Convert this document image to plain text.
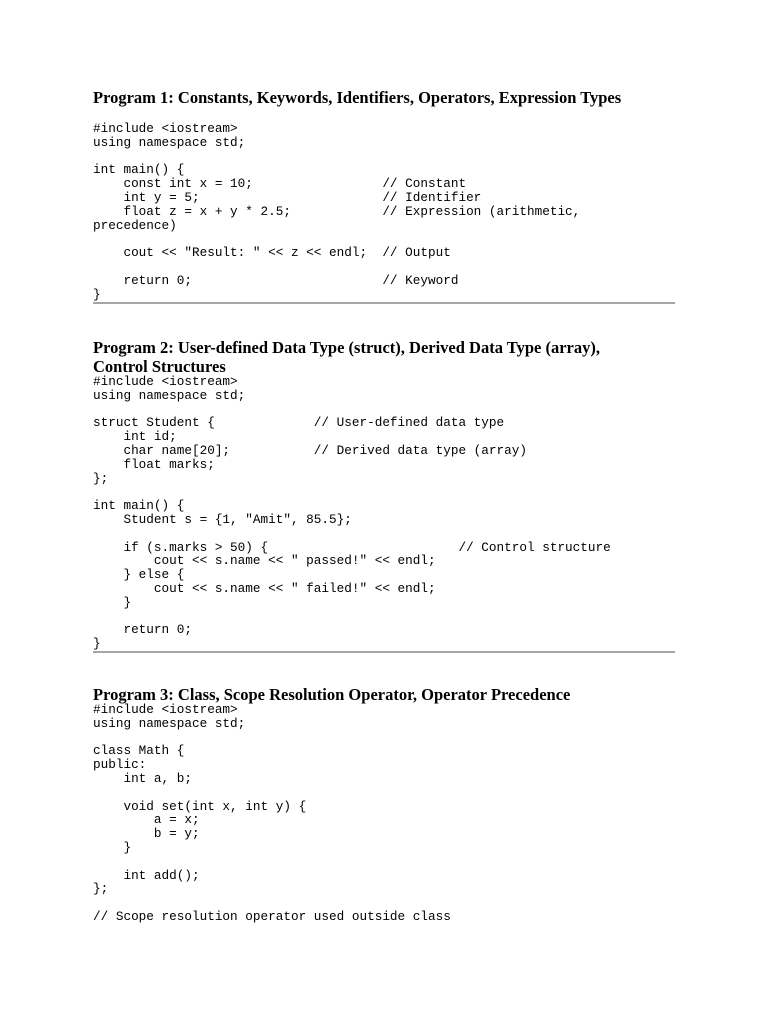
Program 1: Constants, Keywords, Identifiers, Operators, Expression Types
#include <iostream>
using namespace std;

int main() {
const int x = 10;                 // Constant
int y = 5;                        // Identifier
float z = x + y * 2.5;            // Expression (arithmetic,
precedence)

cout << "Result: " << z << endl;  // Output

return 0;                         // Keyword
}
Program 2: User-defined Data Type (struct), Derived Data Type (array),
Control Structures
#include <iostream>
using namespace std;

struct Student {             // User-defined data type
int id;
char name[20];           // Derived data type (array)
float marks;
};

int main() {
Student s = {1, "Amit", 85.5};

if (s.marks > 50) {                         // Control structure
cout << s.name << " passed!" << endl;
} else {
cout << s.name << " failed!" << endl;
}

return 0;
}
Program 3: Class, Scope Resolution Operator, Operator Precedence
#include <iostream>
using namespace std;

class Math {
public:
int a, b;

void set(int x, int y) {
a = x;
b = y;
}

int add();
};

// Scope resolution operator used outside class
